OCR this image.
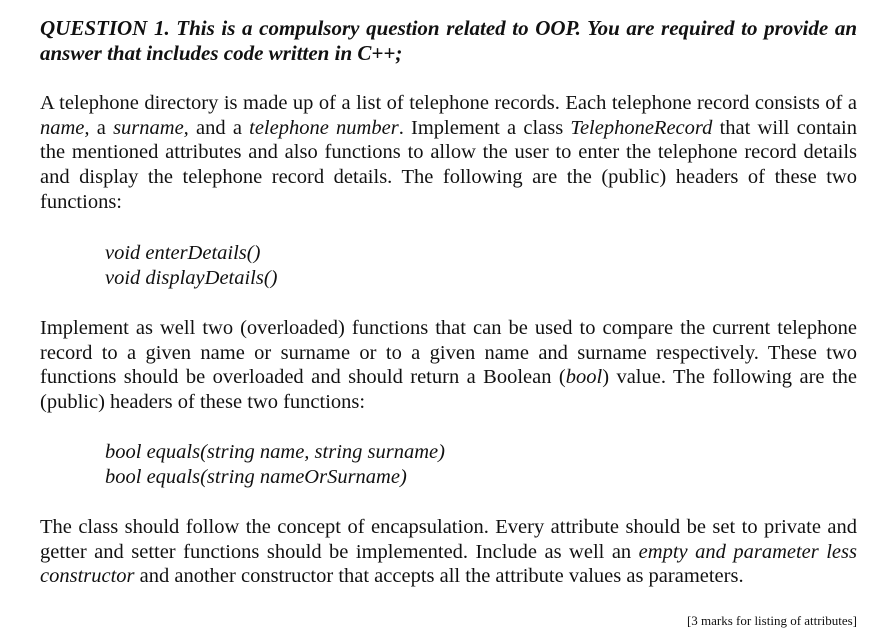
QUESTION 1. This is a compulsory question related to OOP. You are required to provide an answer that includes code written in C++;

A telephone directory is made up of a list of telephone records. Each telephone record consists of a name, a surname, and a telephone number. Implement a class TelephoneRecord that will contain the mentioned attributes and also functions to allow the user to enter the telephone record details and display the telephone record details. The following are the (public) headers of these two functions:

void enterDetails()
void displayDetails()

Implement as well two (overloaded) functions that can be used to compare the current telephone record to a given name or surname or to a given name and surname respectively. These two functions should be overloaded and should return a Boolean (bool) value. The following are the (public) headers of these two functions:

bool equals(string name, string surname)
bool equals(string nameOrSurname)

The class should follow the concept of encapsulation. Every attribute should be set to private and getter and setter functions should be implemented. Include as well an empty and parameter less constructor and another constructor that accepts all the attribute values as parameters.

[3 marks for listing of attributes]
